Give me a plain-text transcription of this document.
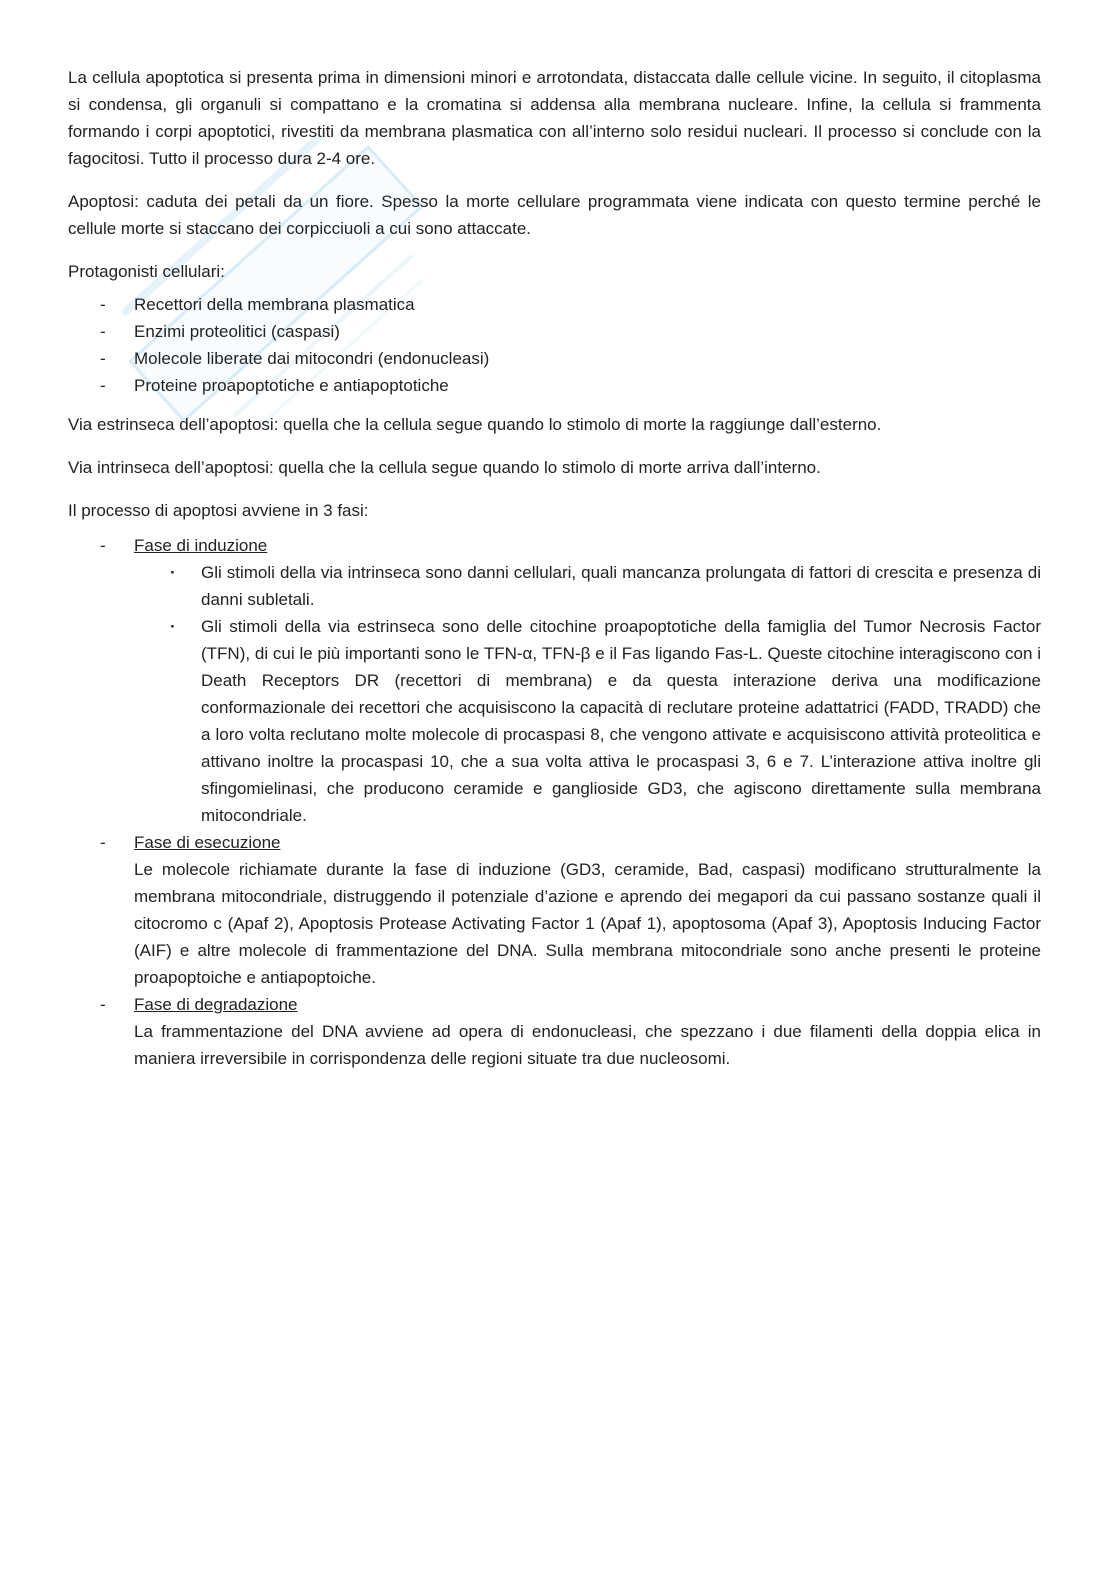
La cellula apoptotica si presenta prima in dimensioni minori e arrotondata, distaccata dalle cellule vicine. In seguito, il citoplasma si condensa, gli organuli si compattano e la cromatina si addensa alla membrana nucleare. Infine, la cellula si frammenta formando i corpi apoptotici, rivestiti da membrana plasmatica con all’interno solo residui nucleari. Il processo si conclude con la fagocitosi. Tutto il processo dura 2-4 ore.

Apoptosi: caduta dei petali da un fiore. Spesso la morte cellulare programmata viene indicata con questo termine perché le cellule morte si staccano dei corpicciuoli a cui sono attaccate.

Protagonisti cellulari:

- Recettori della membrana plasmatica
- Enzimi proteolitici (caspasi)
- Molecole liberate dai mitocondri (endonucleasi)
- Proteine proapoptotiche e antiapoptotiche

Via estrinseca dell’apoptosi: quella che la cellula segue quando lo stimolo di morte la raggiunge dall’esterno.

Via intrinseca dell’apoptosi: quella che la cellula segue quando lo stimolo di morte arriva dall’interno.

Il processo di apoptosi avviene in 3 fasi:

- Fase di induzione
· Gli stimoli della via intrinseca sono danni cellulari, quali mancanza prolungata di fattori di crescita e presenza di danni subletali.
· Gli stimoli della via estrinseca sono delle citochine proapoptotiche della famiglia del Tumor Necrosis Factor (TFN), di cui le più importanti sono le TFN-α, TFN-β e il Fas ligando Fas-L. Queste citochine interagiscono con i Death Receptors DR (recettori di membrana) e da questa interazione deriva una modificazione conformazionale dei recettori che acquisiscono la capacità di reclutare proteine adattatrici (FADD, TRADD) che a loro volta reclutano molte molecole di procaspasi 8, che vengono attivate e acquisiscono attività proteolitica e attivano inoltre la procaspasi 10, che a sua volta attiva le procaspasi 3, 6 e 7. L’interazione attiva inoltre gli sfingomielinasi, che producono ceramide e ganglioside GD3, che agiscono direttamente sulla membrana mitocondriale.
- Fase di esecuzione

Le molecole richiamate durante la fase di induzione (GD3, ceramide, Bad, caspasi) modificano strutturalmente la membrana mitocondriale, distruggendo il potenziale d’azione e aprendo dei megapori da cui passano sostanze quali il citocromo c (Apaf 2), Apoptosis Protease Activating Factor 1 (Apaf 1), apoptosoma (Apaf 3), Apoptosis Inducing Factor (AIF) e altre molecole di frammentazione del DNA. Sulla membrana mitocondriale sono anche presenti le proteine proapoptoiche e antiapoptoiche.

- Fase di degradazione

La frammentazione del DNA avviene ad opera di endonucleasi, che spezzano i due filamenti della doppia elica in maniera irreversibile in corrispondenza delle regioni situate tra due nucleosomi.
